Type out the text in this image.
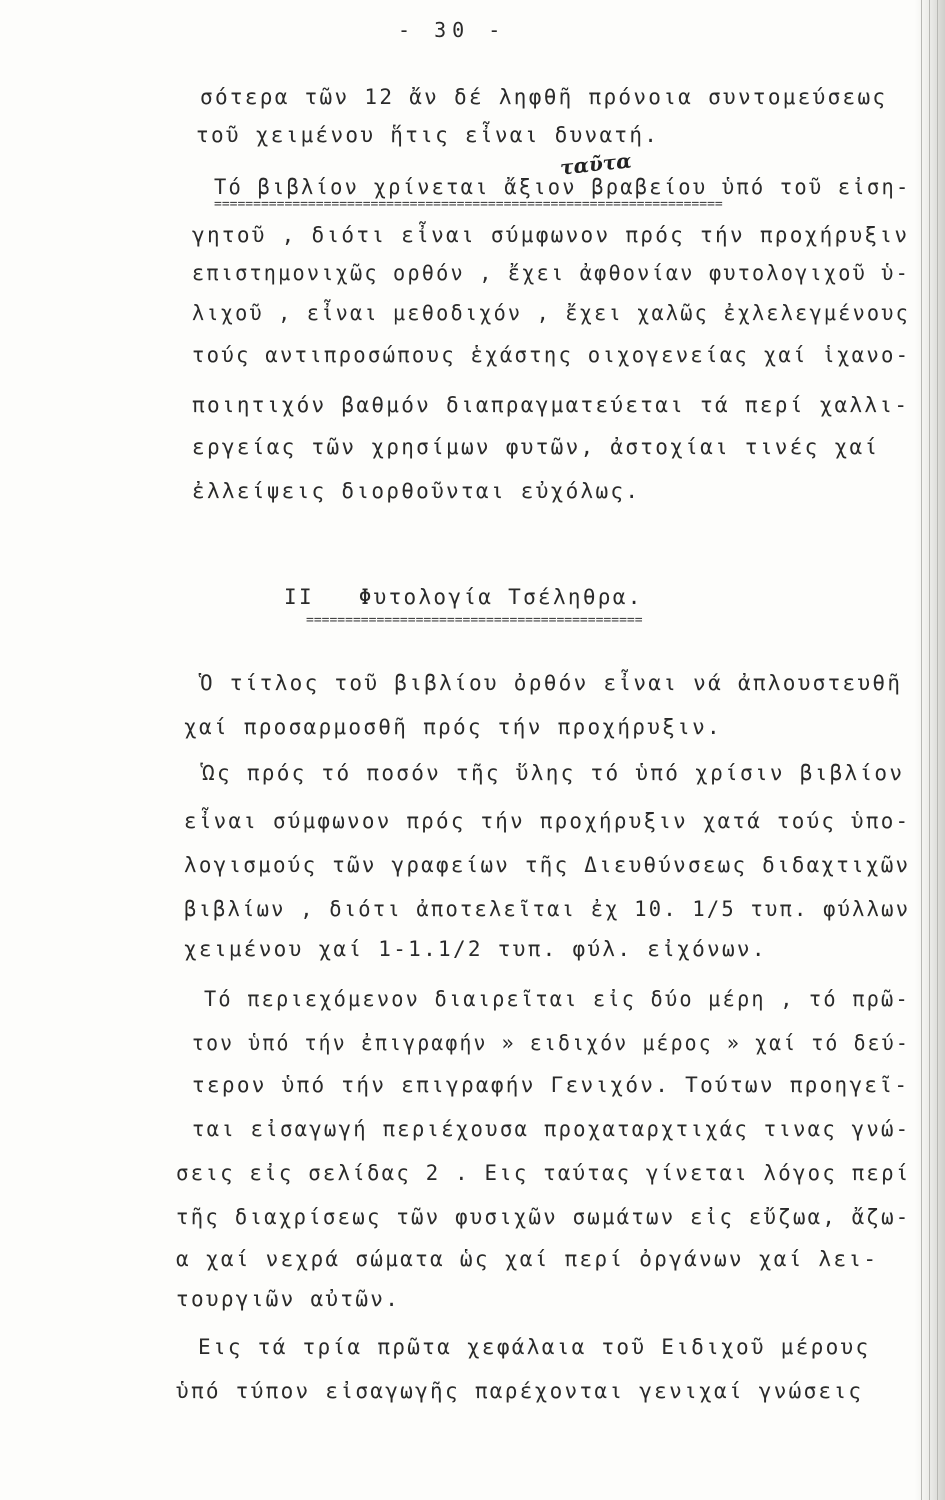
- 30 -
σότερα τῶν 12 ἄν δέ ληφθῆ πρόνοια συντομεύσεως
τοῦ χειμένου ἥτις εἶναι δυνατή.
Τό βιβλίον χρίνεται ἄξιον βραβείου ὑπό τοῦ εἰση-
γητοῦ , διότι εἶναι σύμφωνον πρός τήν προχήρυξιν
επιστημονιχῶς ορθόν , ἔχει ἀφθονίαν φυτολογιχοῦ ὑ-
λιχοῦ , εἶναι μεθοδιχόν , ἔχει χαλῶς ἐχλελεγμένους
τούς αντιπροσώπους ἑχάστης οιχογενείας χαί ἱχανο-
ποιητιχόν βαθμόν διαπραγματεύεται τά περί χαλλι-
εργείας τῶν χρησίμων φυτῶν, ἀστοχίαι τινές χαί
ἐλλείψεις διορθοῦνται εὐχόλως.
ταῦτα
=================================================================
II   Φυτολογία Τσέληθρα.
===========================================
Ὁ τίτλος τοῦ βιβλίου ὀρθόν εἶναι νά ἀπλουστευθῆ
χαί προσαρμοσθῆ πρός τήν προχήρυξιν.
Ὡς πρός τό ποσόν τῆς ὕλης τό ὑπό χρίσιν βιβλίον
εἶναι σύμφωνον πρός τήν προχήρυξιν χατά τούς ὑπο-
λογισμούς τῶν γραφείων τῆς Διευθύνσεως διδαχτιχῶν
βιβλίων , διότι ἀποτελεῖται ἐχ 10. 1/5 τυπ. φύλλων
χειμένου χαί 1-1.1/2 τυπ. φύλ. εἰχόνων.
Τό περιεχόμενον διαιρεῖται εἰς δύο μέρη , τό πρῶ-
τον ὑπό τήν ἐπιγραφήν » ειδιχόν μέρος » χαί τό δεύ-
τερον ὑπό τήν επιγραφήν Γενιχόν. Τούτων προηγεῖ-
ται εἰσαγωγή περιέχουσα προχαταρχτιχάς τινας γνώ-
σεις εἰς σελίδας 2 . Εις ταύτας γίνεται λόγος περί
τῆς διαχρίσεως τῶν φυσιχῶν σωμάτων εἰς εὔζωα, ἄζω-
α χαί νεχρά σώματα ὡς χαί περί ὀργάνων χαί λει-
τουργιῶν αὐτῶν.
Εις τά τρία πρῶτα χεφάλαια τοῦ Ειδιχοῦ μέρους
ὑπό τύπον εἰσαγωγῆς παρέχονται γενιχαί γνώσεις
